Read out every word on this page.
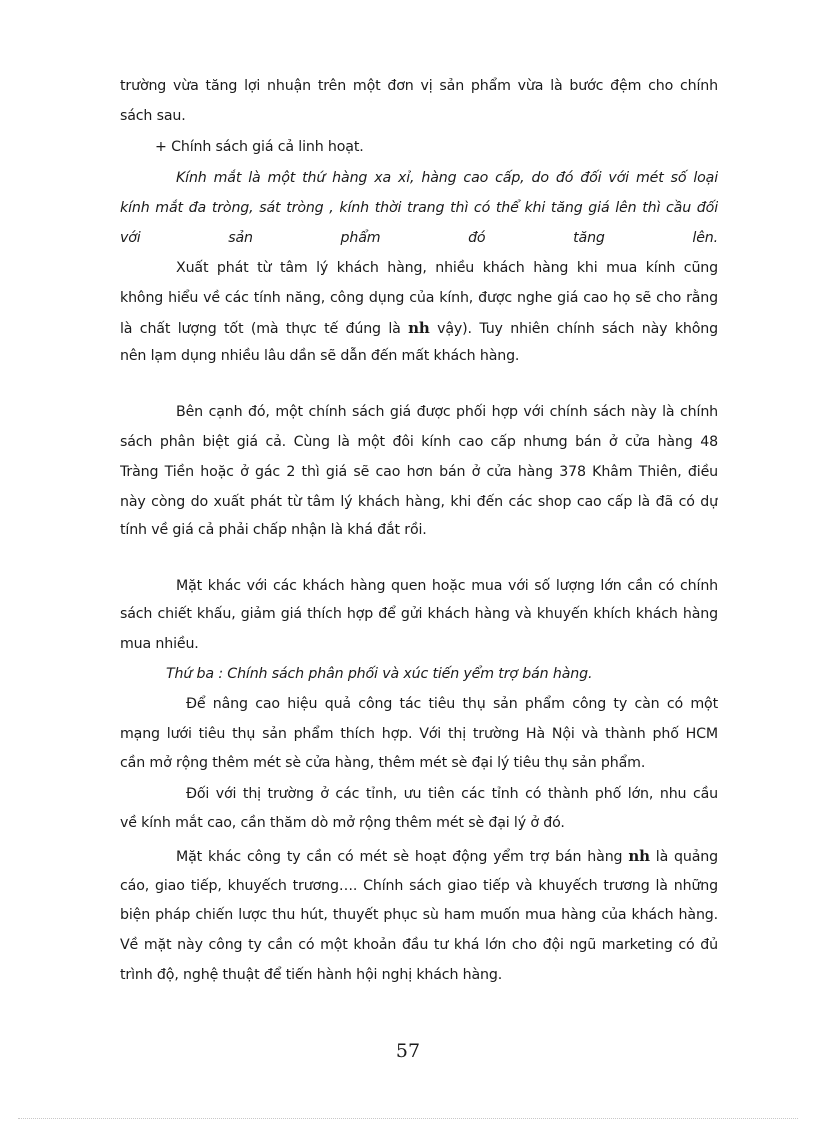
trường vừa tăng lợi nhuận trên một đơn vị sản phẩm vừa là bước đệm cho chính
sách sau.
+ Chính sách giá cả linh hoạt.
Kính mắt là một thứ hàng xa xỉ, hàng cao cấp, do đó đối với mét số loại
kính mắt đa tròng, sát tròng , kính thời trang thì có thể khi tăng giá lên thì cầu đối
với sản phẩm đó tăng lên.
Xuất phát từ tâm lý khách hàng, nhiều khách hàng khi mua kính cũng
không hiểu về các tính năng, công dụng của kính, được nghe giá cao họ sẽ cho rằng
là chất lượng tốt (mà thực tế đúng là nh vậy). Tuy nhiên chính sách này không
nên lạm dụng nhiều lâu dần sẽ dẫn đến mất khách hàng.
Bên cạnh đó, một chính sách giá được phối hợp với chính sách này là chính
sách phân biệt giá cả. Cùng là một đôi kính cao cấp nhưng bán ở cửa hàng 48
Tràng Tiền hoặc ở gác 2 thì giá sẽ cao hơn bán ở cửa hàng 378 Khâm Thiên, điều
này còng do xuất phát từ tâm lý khách hàng, khi đến các shop cao cấp là đã có dự
tính về giá cả phải chấp nhận là khá đắt rồi.
Mặt khác với các khách hàng quen hoặc mua với số lượng lớn cần có chính
sách chiết khấu, giảm giá thích hợp để gửi khách hàng và khuyến khích khách hàng
mua nhiều.
Thứ ba : Chính sách phân phối và xúc tiến yểm trợ bán hàng.
Để nâng cao hiệu quả công tác tiêu thụ sản phẩm công ty càn có một
mạng lưới tiêu thụ sản phẩm thích hợp. Với thị trường Hà Nội và thành phố HCM
cần mở rộng thêm mét sè cửa hàng, thêm mét sè đại lý tiêu thụ sản phẩm.
Đối với thị trường ở các tỉnh, ưu tiên các tỉnh có thành phố lớn, nhu cầu
về kính mắt cao, cần thăm dò mở rộng thêm mét sè đại lý ở đó.
Mặt khác công ty cần có mét sè hoạt động yểm trợ bán hàng nh là quảng
cáo, giao tiếp, khuyếch trương…. Chính sách giao tiếp và khuyếch trương là những
biện pháp chiến lược thu hút, thuyết phục sù ham muốn mua hàng của khách hàng.
Về mặt này công ty cần có một khoản đầu tư khá lớn cho đội ngũ marketing có đủ
trình độ, nghệ thuật để tiến hành hội nghị khách hàng.
57
